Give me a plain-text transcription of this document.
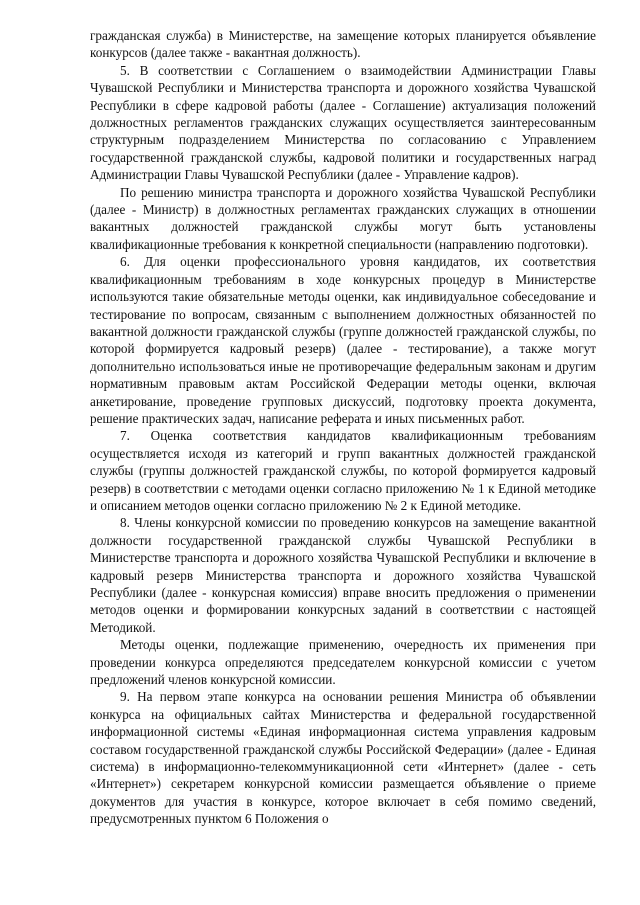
гражданская служба) в Министерстве, на замещение которых планируется объявление конкурсов (далее также - вакантная должность).

5. В соответствии с Соглашением о взаимодействии Администрации Главы Чувашской Республики и Министерства транспорта и дорожного хозяйства Чувашской Республики в сфере кадровой работы (далее - Соглашение) актуализация положений должностных регламентов гражданских служащих осуществляется заинтересованным структурным подразделением Министерства по согласованию с Управлением государственной гражданской службы, кадровой политики и государственных наград Администрации Главы Чувашской Республики (далее - Управление кадров).

По решению министра транспорта и дорожного хозяйства Чувашской Республики (далее - Министр) в должностных регламентах гражданских служащих в отношении вакантных должностей гражданской службы могут быть установлены квалификационные требования к конкретной специальности (направлению подготовки).

6. Для оценки профессионального уровня кандидатов, их соответствия квалификационным требованиям в ходе конкурсных процедур в Министерстве используются такие обязательные методы оценки, как индивидуальное собеседование и тестирование по вопросам, связанным с выполнением должностных обязанностей по вакантной должности гражданской службы (группе должностей гражданской службы, по которой формируется кадровый резерв) (далее - тестирование), а также могут дополнительно использоваться иные не противоречащие федеральным законам и другим нормативным правовым актам Российской Федерации методы оценки, включая анкетирование, проведение групповых дискуссий, подготовку проекта документа, решение практических задач, написание реферата и иных письменных работ.

7. Оценка соответствия кандидатов квалификационным требованиям осуществляется исходя из категорий и групп вакантных должностей гражданской службы (группы должностей гражданской службы, по которой формируется кадровый резерв) в соответствии с методами оценки согласно приложению № 1 к Единой методике и описанием методов оценки согласно приложению № 2 к Единой методике.

8. Члены конкурсной комиссии по проведению конкурсов на замещение вакантной должности государственной гражданской службы Чувашской Республики в Министерстве транспорта и дорожного хозяйства Чувашской Республики и включение в кадровый резерв Министерства транспорта и дорожного хозяйства Чувашской Республики (далее - конкурсная комиссия) вправе вносить предложения о применении методов оценки и формировании конкурсных заданий в соответствии с настоящей Методикой.

Методы оценки, подлежащие применению, очередность их применения при проведении конкурса определяются председателем конкурсной комиссии с учетом предложений членов конкурсной комиссии.

9. На первом этапе конкурса на основании решения Министра об объявлении конкурса на официальных сайтах Министерства и федеральной государственной информационной системы «Единая информационная система управления кадровым составом государственной гражданской службы Российской Федерации» (далее - Единая система) в информационно-телекоммуникационной сети «Интернет» (далее - сеть «Интернет») секретарем конкурсной комиссии размещается объявление о приеме документов для участия в конкурсе, которое включает в себя помимо сведений, предусмотренных пунктом 6 Положения о
